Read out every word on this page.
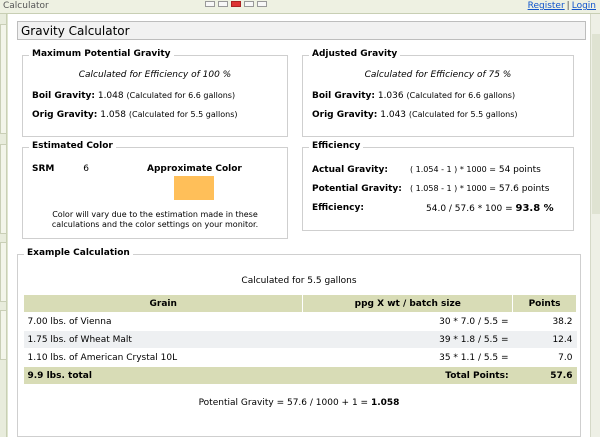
Calculator	Register | Login
Gravity Calculator
Maximum Potential Gravity
Calculated for Efficiency of 100 %
Boil Gravity: 1.048 (Calculated for 6.6 gallons)
Orig Gravity: 1.058 (Calculated for 5.5 gallons)
Adjusted Gravity
Calculated for Efficiency of 75 %
Boil Gravity: 1.036 (Calculated for 6.6 gallons)
Orig Gravity: 1.043 (Calculated for 5.5 gallons)
Estimated Color
SRM	6	Approximate Color
Color will vary due to the estimation made in these
calculations and the color settings on your monitor.
Efficiency
Actual Gravity:	( 1.054 - 1 ) * 1000 = 54 points
Potential Gravity: ( 1.058 - 1 ) * 1000 = 57.6 points
Efficiency:	54.0 / 57.6 * 100 = 93.8 %
Example Calculation
Calculated for 5.5 gallons
Grain	ppg X wt / batch size	Points
7.00 lbs. of Vienna	30 * 7.0 / 5.5 =	38.2
1.75 lbs. of Wheat Malt	39 * 1.8 / 5.5 =	12.4
1.10 lbs. of American Crystal 10L	35 * 1.1 / 5.5 =	7.0
9.9 lbs. total	Total Points:	57.6
Potential Gravity = 57.6 / 1000 + 1 = 1.058
